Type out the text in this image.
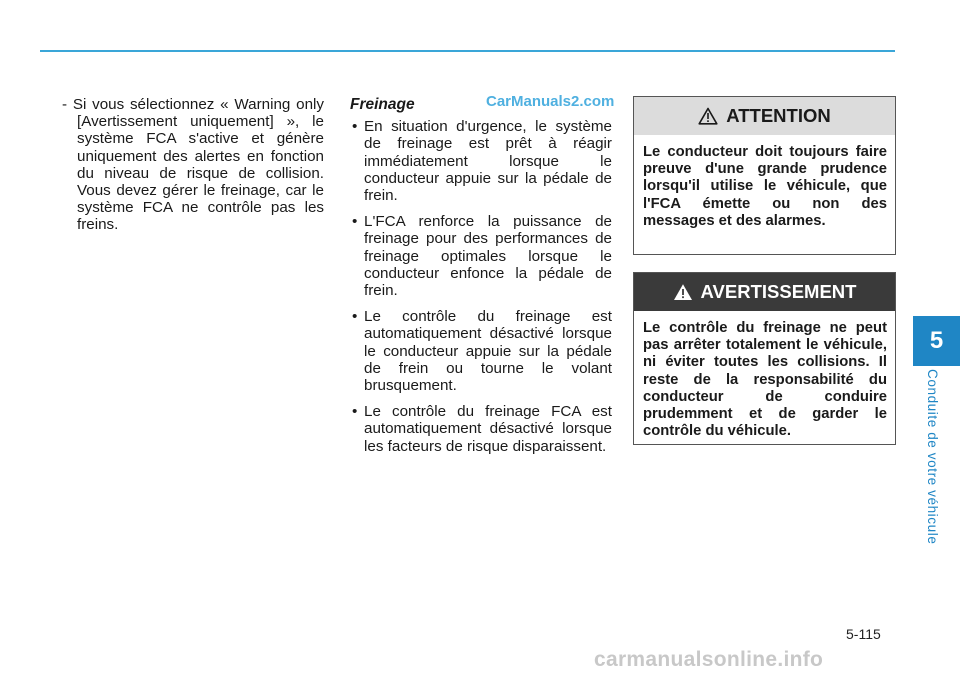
- Si vous sélectionnez « Warning only [Avertissement uniquement] », le système FCA s'active et génère uniquement des alertes en fonction du niveau de risque de collision. Vous devez gérer le freinage, car le système FCA ne contrôle pas les freins.
Freinage
• En situation d'urgence, le système de freinage est prêt à réagir immédiatement lorsque le conducteur appuie sur la pédale de frein.
• L'FCA renforce la puissance de freinage pour des performances de freinage optimales lorsque le conducteur enfonce la pédale de frein.
• Le contrôle du freinage est automatiquement désactivé lorsque le conducteur appuie sur la pédale de frein ou tourne le volant brusquement.
• Le contrôle du freinage FCA est automatiquement désactivé lorsque les facteurs de risque disparaissent.
CarManuals2.com
ATTENTION
Le conducteur doit toujours faire preuve d'une grande prudence lorsqu'il utilise le véhicule, que l'FCA émette ou non des messages et des alarmes.
AVERTISSEMENT
Le contrôle du freinage ne peut pas arrêter totalement le véhicule, ni éviter toutes les collisions. Il reste de la responsabilité du conducteur de conduire prudemment et de garder le contrôle du véhicule.
5
Conduite de votre véhicule
5-115
carmanualsonline.info
